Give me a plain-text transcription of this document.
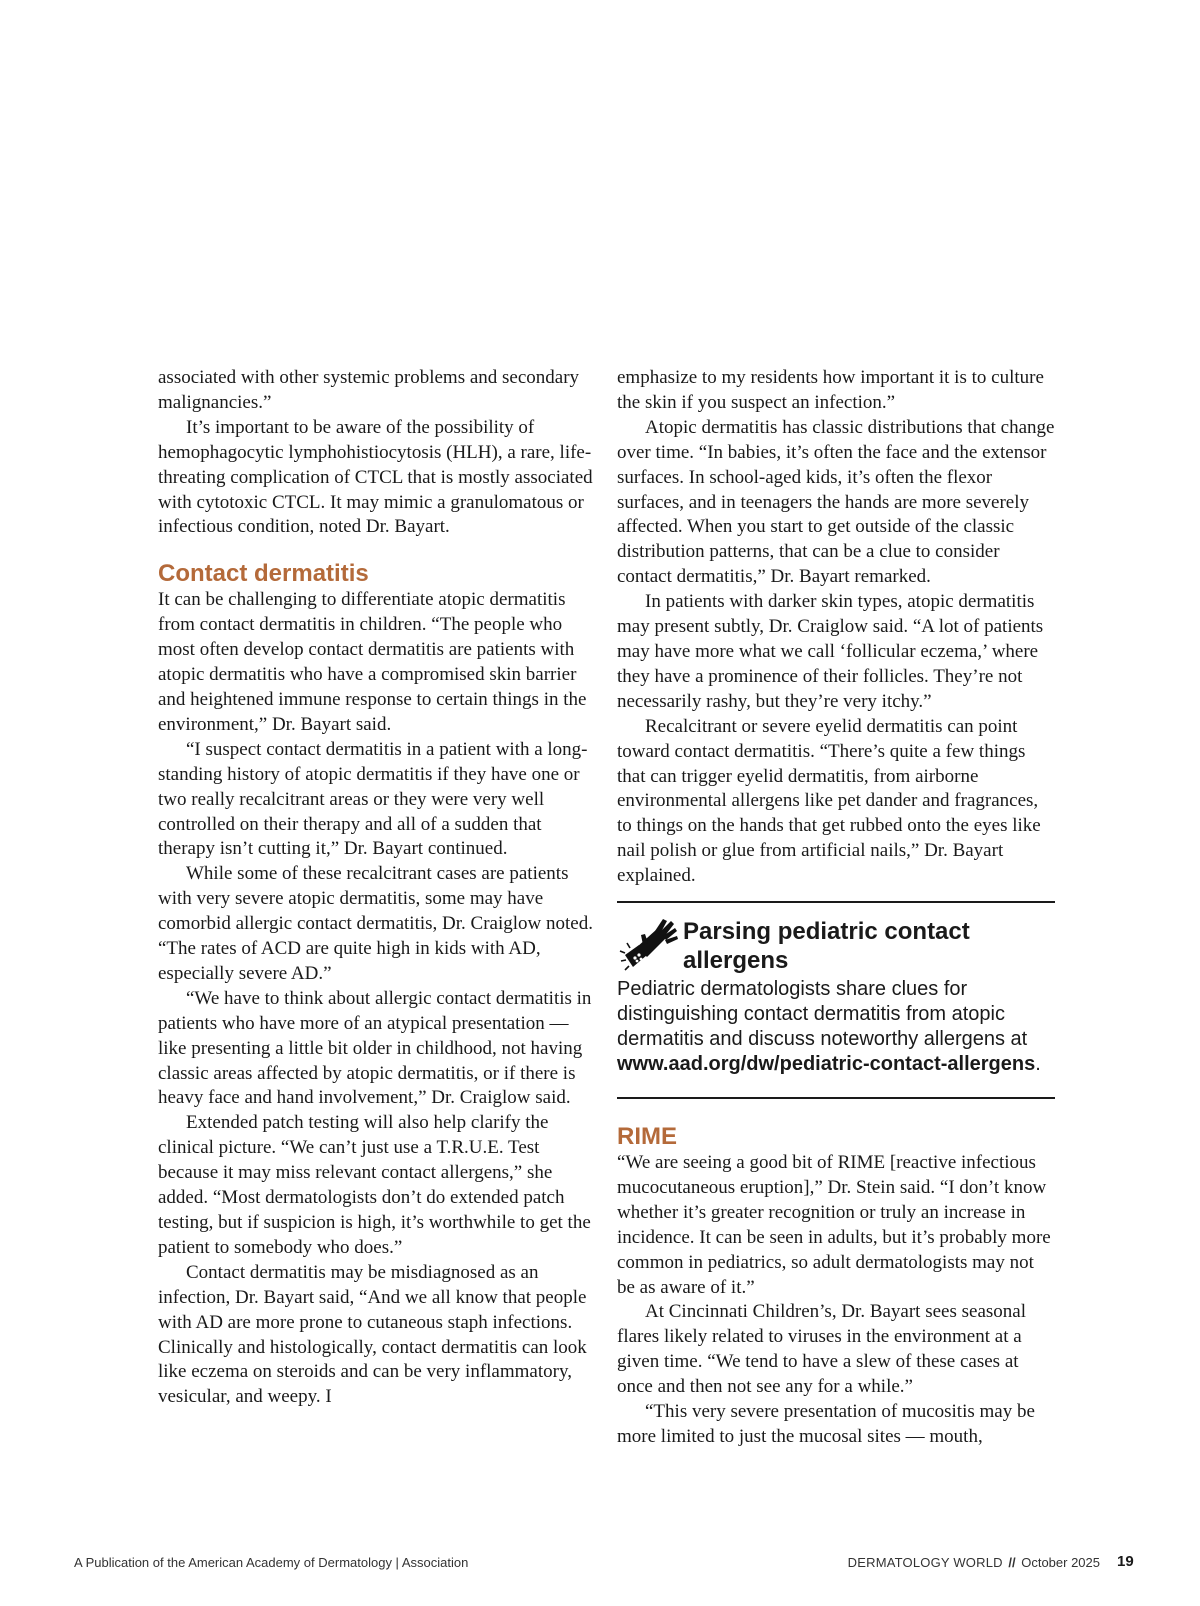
associated with other systemic problems and secondary malignancies.”

It’s important to be aware of the possibility of hemophagocytic lymphohistiocytosis (HLH), a rare, life-threating complication of CTCL that is mostly associated with cytotoxic CTCL. It may mimic a granulomatous or infectious condition, noted Dr. Bayart.

Contact dermatitis

It can be challenging to differentiate atopic dermatitis from contact dermatitis in children. “The people who most often develop contact dermatitis are patients with atopic dermatitis who have a compromised skin barrier and heightened immune response to certain things in the environment,” Dr. Bayart said.

“I suspect contact dermatitis in a patient with a long-standing history of atopic dermatitis if they have one or two really recalcitrant areas or they were very well controlled on their therapy and all of a sudden that therapy isn’t cutting it,” Dr. Bayart continued.

While some of these recalcitrant cases are patients with very severe atopic dermatitis, some may have comorbid allergic contact dermatitis, Dr. Craiglow noted. “The rates of ACD are quite high in kids with AD, especially severe AD.”

“We have to think about allergic contact dermatitis in patients who have more of an atypical presentation — like presenting a little bit older in childhood, not having classic areas affected by atopic dermatitis, or if there is heavy face and hand involvement,” Dr. Craiglow said.

Extended patch testing will also help clarify the clinical picture. “We can’t just use a T.R.U.E. Test because it may miss relevant contact allergens,” she added. “Most dermatologists don’t do extended patch testing, but if suspicion is high, it’s worthwhile to get the patient to somebody who does.”

Contact dermatitis may be misdiagnosed as an infection, Dr. Bayart said, “And we all know that people with AD are more prone to cutaneous staph infections. Clinically and histologically, contact dermatitis can look like eczema on steroids and can be very inflammatory, vesicular, and weepy. I

emphasize to my residents how important it is to culture the skin if you suspect an infection.”

Atopic dermatitis has classic distributions that change over time. “In babies, it’s often the face and the extensor surfaces. In school-aged kids, it’s often the flexor surfaces, and in teenagers the hands are more severely affected. When you start to get outside of the classic distribution patterns, that can be a clue to consider contact dermatitis,” Dr. Bayart remarked.

In patients with darker skin types, atopic dermatitis may present subtly, Dr. Craiglow said. “A lot of patients may have more what we call ‘follicular eczema,’ where they have a prominence of their follicles. They’re not necessarily rashy, but they’re very itchy.”

Recalcitrant or severe eyelid dermatitis can point toward contact dermatitis. “There’s quite a few things that can trigger eyelid dermatitis, from airborne environmental allergens like pet dander and fragrances, to things on the hands that get rubbed onto the eyes like nail polish or glue from artificial nails,” Dr. Bayart explained.

Parsing pediatric contact allergens

Pediatric dermatologists share clues for distinguishing contact dermatitis from atopic dermatitis and discuss noteworthy allergens at www.aad.org/dw/pediatric-contact-allergens.

RIME

“We are seeing a good bit of RIME [reactive infectious mucocutaneous eruption],” Dr. Stein said. “I don’t know whether it’s greater recognition or truly an increase in incidence. It can be seen in adults, but it’s probably more common in pediatrics, so adult dermatologists may not be as aware of it.”

At Cincinnati Children’s, Dr. Bayart sees seasonal flares likely related to viruses in the environment at a given time. “We tend to have a slew of these cases at once and then not see any for a while.”

“This very severe presentation of mucositis may be more limited to just the mucosal sites — mouth,

A Publication of the American Academy of Dermatology | Association	DERMATOLOGY WORLD // October 2025 19
